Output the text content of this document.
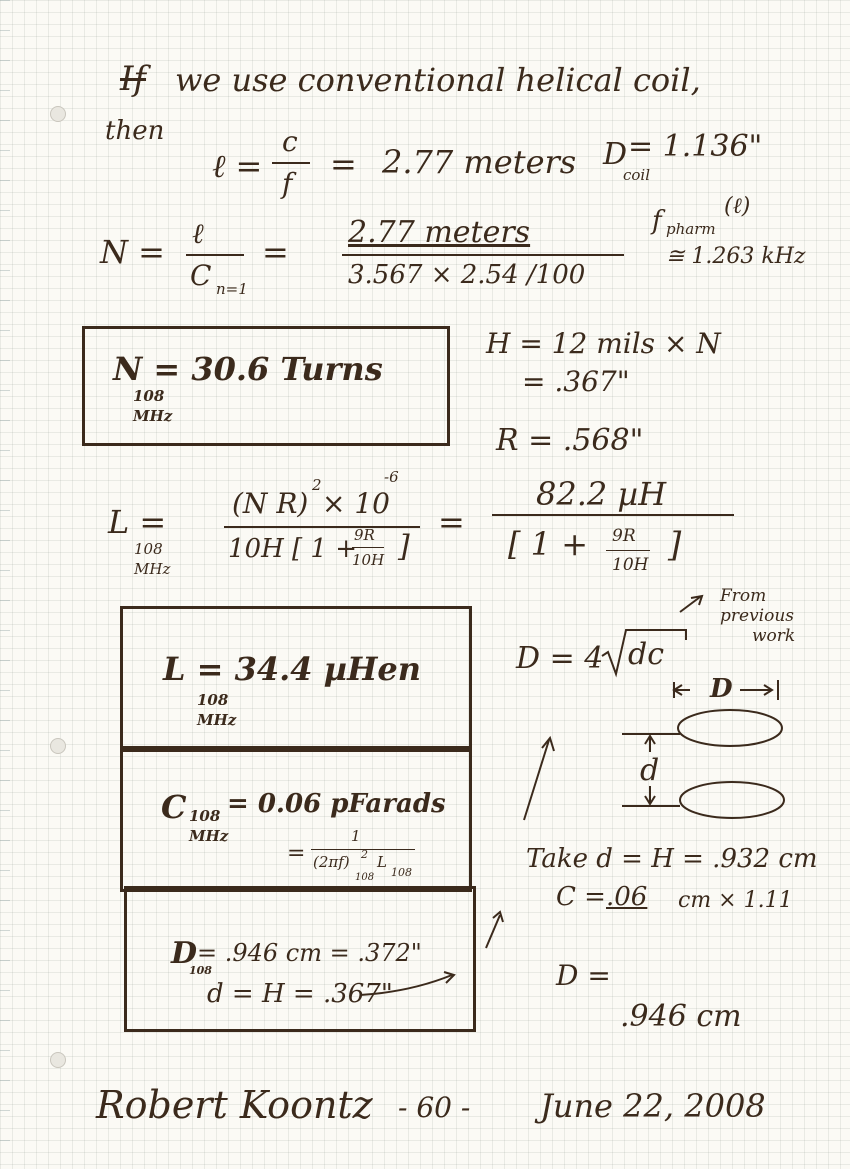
If we use conventional helical coil,
then
ℓ =
c
f
= 2.77 meters D
coil
= 1.136"
N = ℓ
C n=1
=
2.77 meters
3.567 × 2.54 /100
f pharm
(ℓ)
≅ 1.263 kHz
N = 30.6 Turns
108
MHz
H = 12 mils × N
= .367"
R = .568"
L =
108
MHz
(N R)
2
× 10
-6
10H [ 1 +
9R
10H ]
=
82.2 µH
[ 1 + 9R
10H ]
L = 34.4 µHen
108
MHz
C 108
MHz
= 0.06 pFarads
=
1
(2πf) 2
108
L
108
D
108
= .946 cm = .372"
d = H = .367"
D = 4 dc
From
previous
work
D
d
Take d = H = .932 cm
C = .06 cm × 1.11
D =
.946 cm
Robert Koontz - 60 - June 22, 2008
